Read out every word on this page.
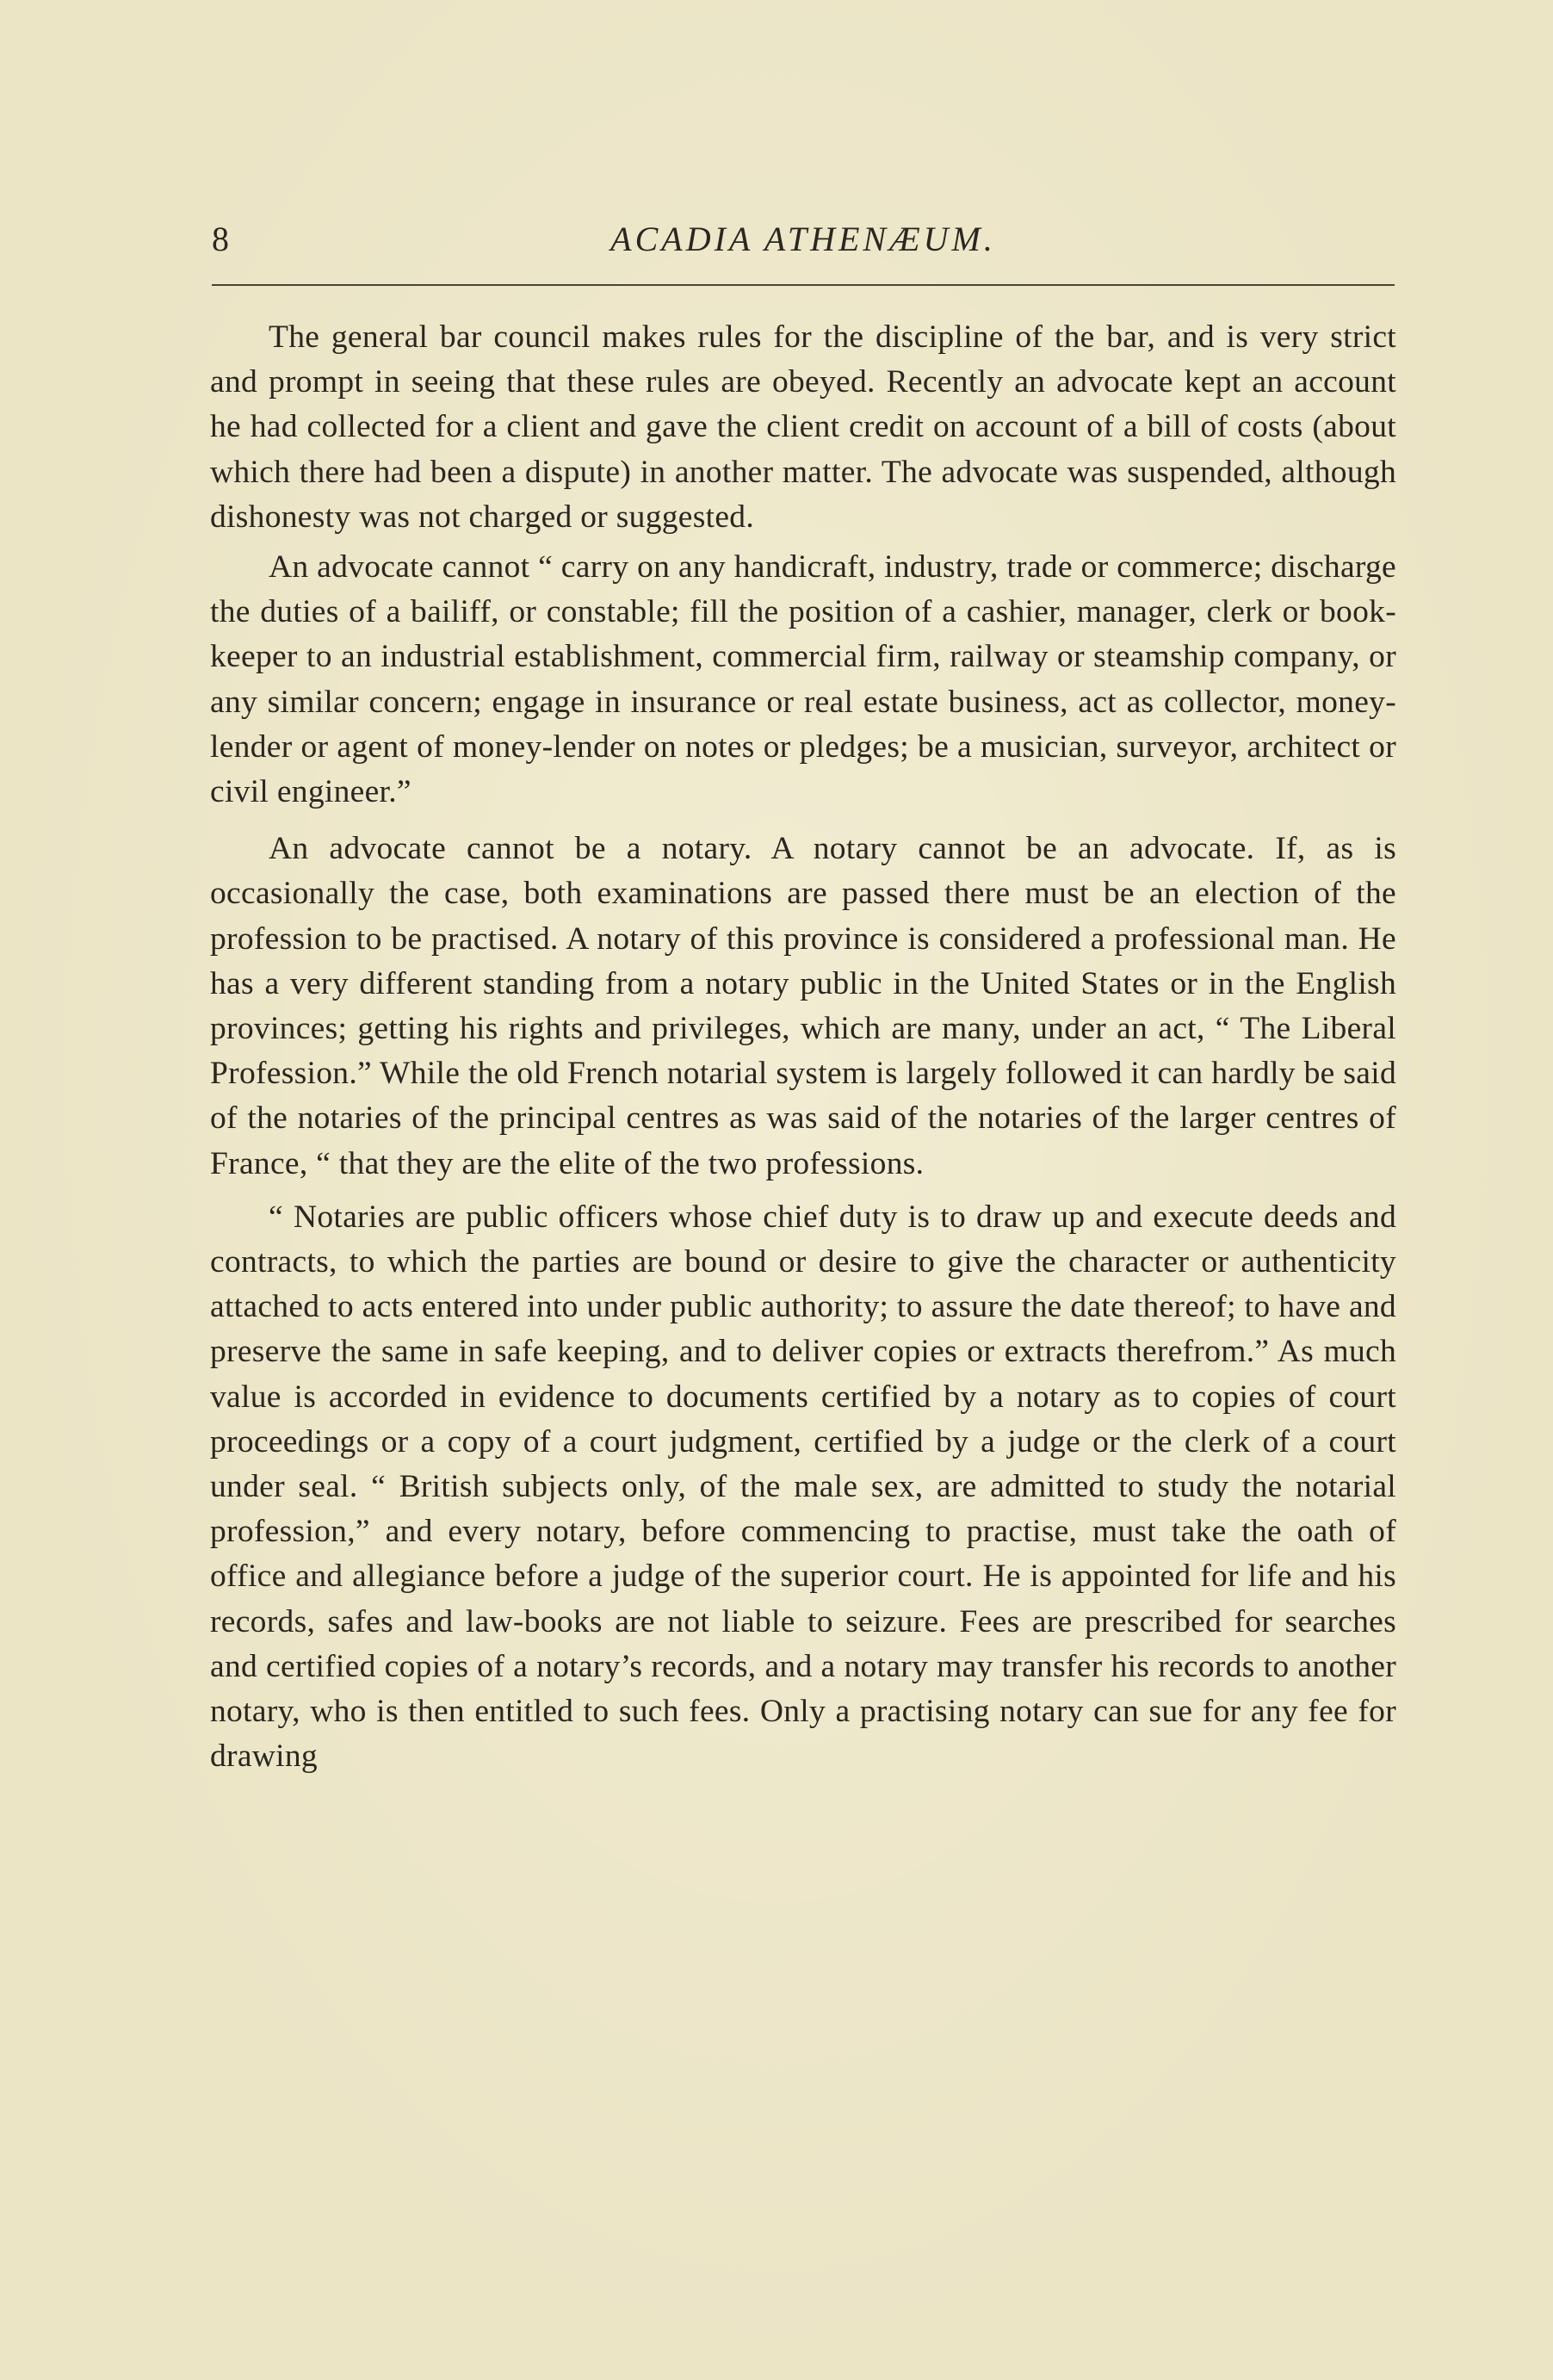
8	ACADIA ATHENÆUM.

The general bar council makes rules for the discipline of the bar, and is very strict and prompt in seeing that these rules are obeyed. Recently an advocate kept an account he had collected for a client and gave the client credit on account of a bill of costs (about which there had been a dispute) in another matter. The advocate was suspended, although dishonesty was not charged or suggested.

An advocate cannot “ carry on any handicraft, industry, trade or commerce; discharge the duties of a bailiff, or constable; fill the position of a cashier, manager, clerk or book-keeper to an industrial establishment, commercial firm, railway or steamship company, or any similar concern; engage in insurance or real estate business, act as collector, money-lender or agent of money-lender on notes or pledges; be a musician, surveyor, architect or civil engineer.”

An advocate cannot be a notary. A notary cannot be an advocate. If, as is occasionally the case, both examinations are passed there must be an election of the profession to be practised. A notary of this province is considered a professional man. He has a very different standing from a notary public in the United States or in the English provinces; getting his rights and privileges, which are many, under an act, “ The Liberal Profession.” While the old French notarial system is largely followed it can hardly be said of the notaries of the principal centres as was said of the notaries of the larger centres of France, “ that they are the elite of the two professions.

“ Notaries are public officers whose chief duty is to draw up and execute deeds and contracts, to which the parties are bound or desire to give the character or authenticity attached to acts entered into under public authority; to assure the date thereof; to have and preserve the same in safe keeping, and to deliver copies or extracts therefrom.” As much value is accorded in evidence to documents certified by a notary as to copies of court proceedings or a copy of a court judgment, certified by a judge or the clerk of a court under seal. “ British subjects only, of the male sex, are admitted to study the notarial profession,” and every notary, before commencing to practise, must take the oath of office and allegiance before a judge of the superior court. He is appointed for life and his records, safes and law-books are not liable to seizure. Fees are prescribed for searches and certified copies of a notary’s records, and a notary may transfer his records to another notary, who is then entitled to such fees. Only a practising notary can sue for any fee for drawing
